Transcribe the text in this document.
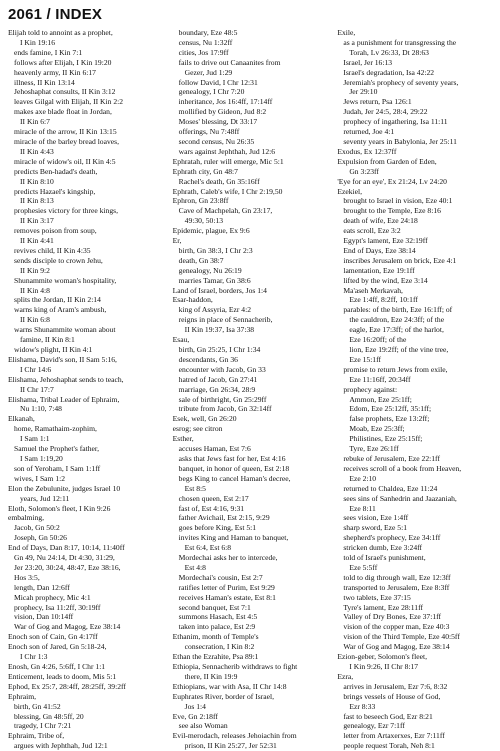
2061 / INDEX
Elijah told to annoint as a prophet,
I Kin 19:16
ends famine, I Kin 7:1
follows after Elijah, I Kin 19:20
heavenly army, II Kin 6:17
illness, II Kin 13:14
Jehoshaphat consults, II Kin 3:12
leaves Gilgal with Elijah, II Kin 2:2
makes axe blade float in Jordan,
II Kin 6:7
miracle of the arrow, II Kin 13:15
miracle of the barley bread loaves,
II Kin 4:43
miracle of widow's oil, II Kin 4:5
predicts Ben-hadad's death,
II Kin 8:10
predicts Hazael's kingship,
II Kin 8:13
prophesies victory for three kings,
II Kin 3:17
removes poison from soup,
II Kin 4:41
revives child, II Kin 4:35
sends disciple to crown Jehu,
II Kin 9:2
Shunammite woman's hospitality,
II Kin 4:8
splits the Jordan, II Kin 2:14
warns king of Aram's ambush,
II Kin 6:8
warns Shunammite woman about
famine, II Kin 8:1
widow's plight, II Kin 4:1
Elishama, David's son, II Sam 5:16,
I Chr 14:6
Elishama, Jehoshaphat sends to teach,
II Chr 17:7
Elishama, Tribal Leader of Ephraim,
Nu 1:10, 7:48
Elkanah,
home, Ramathaim-zophim,
I Sam 1:1
Samuel the Prophet's father,
I Sam 1:19,20
son of Yeroham, I Sam 1:1ff
wives, I Sam 1:2
Elon the Zebulunite, judges Israel 10
years, Jud 12:11
Eloth, Solomon's fleet, I Kin 9:26
embalming,
Jacob, Gn 50:2
Joseph, Gn 50:26
End of Days, Dan 8:17, 10:14, 11:40ff
Gn 49, Nu 24:14, Dt 4:30, 31:29,
Jer 23:20, 30:24, 48:47, Eze 38:16,
Hos 3:5,
length, Dan 12:6ff
Micah prophecy, Mic 4:1
prophecy, Isa 11:2ff, 30:19ff
vision, Dan 10:14ff
War of Gog and Magog, Eze 38:14
Enoch son of Cain, Gn 4:17ff
Enoch son of Jared, Gn 5:18-24,
I Chr 1:3
Enosh, Gn 4:26, 5:6ff, I Chr 1:1
Enticement, leads to doom, Mis 5:1
Ephod, Ex 25:7, 28:4ff, 28:25ff, 39:2ff
Ephraim,
birth, Gn 41:52
blessing, Gn 48:5ff, 20
tragedy, I Chr 7:21
Ephraim, Tribe of,
argues with Jephthah, Jud 12:1
boundary, Eze 48:5
census, Nu 1:32ff
cities, Jos 17:9ff
fails to drive out Canaanites from
Gezer, Jud 1:29
follow David, I Chr 12:31
genealogy, I Chr 7:20
inheritance, Jos 16:4ff, 17:14ff
mollified by Gideon, Jud 8:2
Moses' blessing, Dt 33:17
offerings, Nu 7:48ff
second census, Nu 26:35
wars against Jephthah, Jud 12:6
Ephratah, ruler will emerge, Mic 5:1
Ephrath city, Gn 48:7
Rachel's death, Gn 35:16ff
Ephrath, Caleb's wife, I Chr 2:19,50
Ephron, Gn 23:8ff
Cave of Machpelah, Gn 23:17,
49:30, 50:13
Epidemic, plague, Ex 9:6
Er,
birth, Gn 38:3, I Chr 2:3
death, Gn 38:7
genealogy, Nu 26:19
marries Tamar, Gn 38:6
Land of Israel, borders, Jos 1:4
Esar-haddon,
king of Assyria, Ezr 4:2
reigns in place of Sennacherib,
II Kin 19:37, Isa 37:38
Esau,
birth, Gn 25:25, I Chr 1:34
descendants, Gn 36
encounter with Jacob, Gn 33
hatred of Jacob, Gn 27:41
marriage, Gn 26:34, 28:9
sale of birthright, Gn 25:29ff
tribute from Jacob, Gn 32:14ff
Esek, well, Gn 26:20
esrog; see citron
Esther,
accuses Haman, Est 7:6
asks that Jews fast for her, Est 4:16
banquet, in honor of queen, Est 2:18
begs King to cancel Haman's decree,
Est 8:5
chosen queen, Est 2:17
fast of, Est 4:16, 9:31
father Avichail, Est 2:15, 9:29
goes before King, Est 5:1
invites King and Haman to banquet,
Est 6:4, Est 6:8
Mordechai asks her to intercede,
Est 4:8
Mordechai's cousin, Est 2:7
ratifies letter of Purim, Est 9:29
receives Haman's estate, Est 8:1
second banquet, Est 7:1
summons Hasach, Est 4:5
taken into palace, Est 2:9
Ethanim, month of Temple's
consecration, I Kin 8:2
Ethan the Ezrahite, Psa 89:1
Ethiopia, Sennacherib withdraws to fight
there, II Kin 19:9
Ethiopians, war with Asa, II Chr 14:8
Euphrates River, border of Israel,
Jos 1:4
Eve, Gn 2:18ff
see also Woman
Evil-merodach, releases Jehoiachin from
prison, II Kin 25:27, Jer 52:31
Exile,
as a punishment for transgressing the
Torah, Lv 26:33, Dt 28:63
Israel, Jer 16:13
Israel's degradation, Isa 42:22
Jeremiah's prophecy of seventy years,
Jer 29:10
Jews return, Psa 126:1
Judah, Jer 24:5, 28:4, 29:22
prophecy of ingathering, Isa 11:11
returned, Joe 4:1
seventy years in Babylonia, Jer 25:11
Exodus, Ex 12:37ff
Expulsion from Garden of Eden,
Gn 3:23ff
'Eye for an eye', Ex 21:24, Lv 24:20
Ezekiel,
brought to Israel in vision, Eze 40:1
brought to the Temple, Eze 8:16
death of wife, Eze 24:18
eats scroll, Eze 3:2
Egypt's lament, Eze 32:19ff
End of Days, Eze 38:14
inscribes Jerusalem on brick, Eze 4:1
lamentation, Eze 19:1ff
lifted by the wind, Eze 3:14
Ma'aseh Merkavah,
Eze 1:4ff, 8:2ff, 10:1ff
parables: of the birth, Eze 16:1ff; of
the cauldron, Eze 24:3ff; of the
eagle, Eze 17:3ff; of the harlot,
Eze 16:20ff; of the
lion, Eze 19:2ff; of the vine tree,
Eze 15:1ff
promise to return Jews from exile,
Eze 11:16ff, 20:34ff
prophecy against:
Ammon, Eze 25:1ff;
Edom, Eze 25:12ff, 35:1ff;
false prophets, Eze 13:2ff;
Moab, Eze 25:3ff;
Philistines, Eze 25:15ff;
Tyre, Eze 26:1ff
rebuke of Jerusalem, Eze 22:1ff
receives scroll of a book from Heaven,
Eze 2:10
returned to Chaldea, Eze 11:24
sees sins of Sanhedrin and Jaazaniah,
Eze 8:11
sees vision, Eze 1:4ff
sharp sword, Eze 5:1
shepherd's prophecy, Eze 34:1ff
stricken dumb, Eze 3:24ff
told of Israel's punishment,
Eze 5:5ff
told to dig through wall, Eze 12:3ff
transported to Jerusalem, Eze 8:3ff
two tablets, Eze 37:15
Tyre's lament, Eze 28:11ff
Valley of Dry Bones, Eze 37:1ff
vision of the copper man, Eze 40:3
vision of the Third Temple, Eze 40:5ff
War of Gog and Magog, Eze 38:14
Ezion-geber, Solomon's fleet,
I Kin 9:26, II Chr 8:17
Ezra,
arrives in Jerusalem, Ezr 7:6, 8:32
brings vessels of House of God,
Ezr 8:33
fast to beseech God, Ezr 8:21
genealogy, Ezr 7:1ff
letter from Artaxerxes, Ezr 7:11ff
people request Torah, Neh 8:1
